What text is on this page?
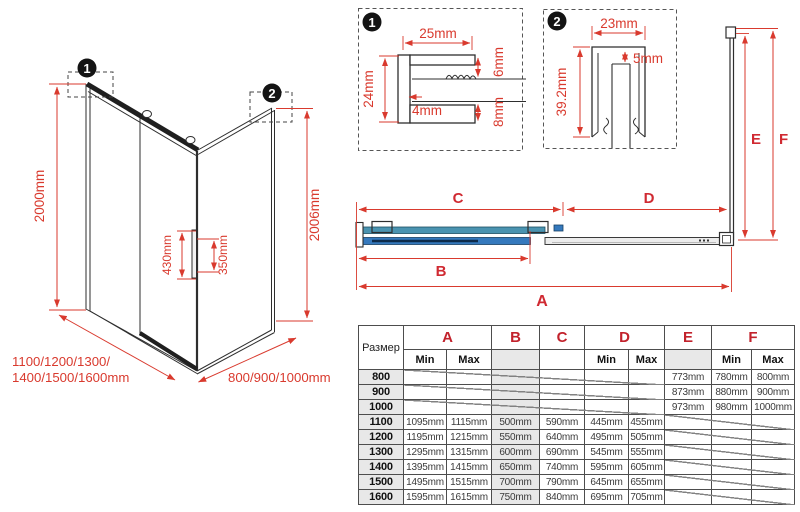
1
2
2000mm	2006mm
430mm	350mm
1100/1200/1300/
1400/1500/1600mm	800/900/1000mm
1
25mm
24mm
6mm
4mm	8mm
2	23mm
5mm
39.2mm
C	D
B
A
E F
Размер	A		B	C	D		E	F	
	Min	Max			Min	Max		Min	Max
800							773mm	780mm	800mm
900							873mm	880mm	900mm
1000							973mm	980mm	1000mm
1100	1095mm	1115mm	500mm	590mm	445mm	455mm			
1200	1195mm	1215mm	550mm	640mm	495mm	505mm			
1300	1295mm	1315mm	600mm	690mm	545mm	555mm			
1400	1395mm	1415mm	650mm	740mm	595mm	605mm			
1500	1495mm	1515mm	700mm	790mm	645mm	655mm			
1600	1595mm	1615mm	750mm	840mm	695mm	705mm			
